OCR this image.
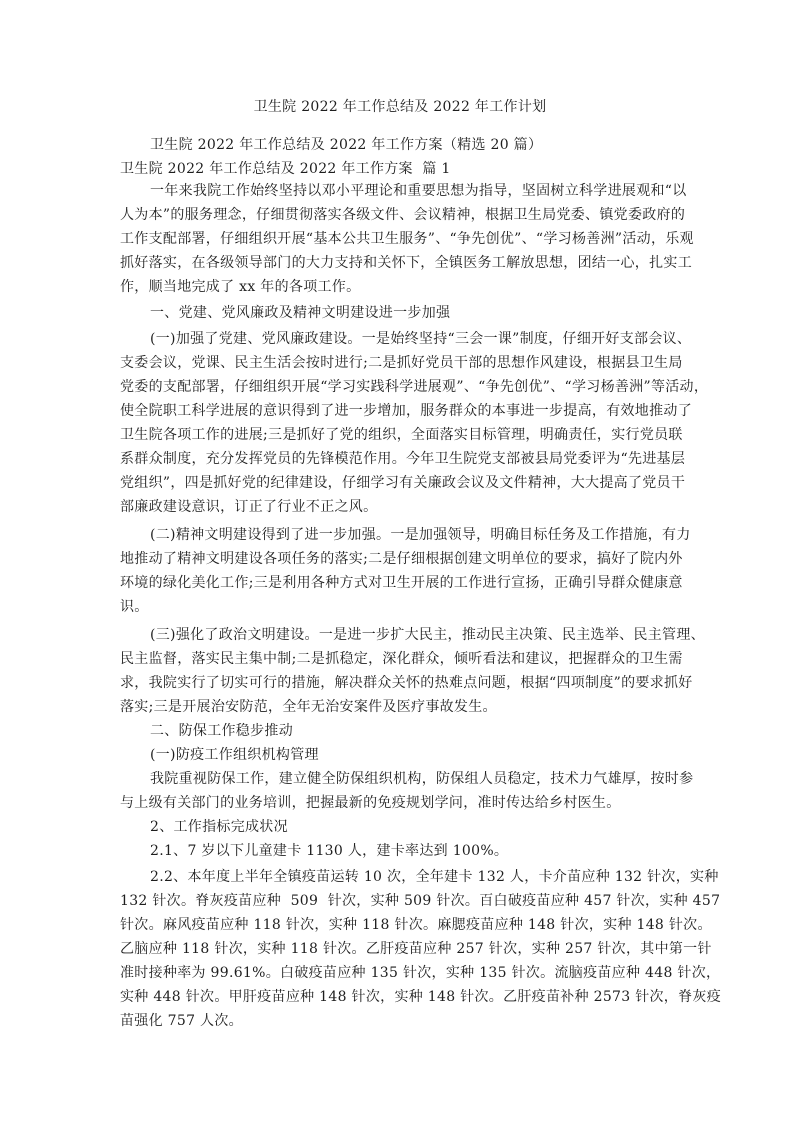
卫生院 2022 年工作总结及 2022 年工作计划
卫生院 2022 年工作总结及 2022 年工作方案（精选 20 篇）
卫生院 2022 年工作总结及 2022 年工作方案  篇 1
一年来我院工作始终坚持以邓小平理论和重要思想为指导，坚固树立科学进展观和“以
人为本”的服务理念，仔细贯彻落实各级文件、会议精神，根据卫生局党委、镇党委政府的
工作支配部署，仔细组织开展“基本公共卫生服务”、“争先创优”、“学习杨善洲”活动，乐观
抓好落实，在各级领导部门的大力支持和关怀下，全镇医务工解放思想，团结一心，扎实工
作，顺当地完成了 xx 年的各项工作。
一、党建、党风廉政及精神文明建设进一步加强
(一)加强了党建、党风廉政建设。一是始终坚持“三会一课”制度，仔细开好支部会议、
支委会议，党课、民主生活会按时进行;二是抓好党员干部的思想作风建设，根据县卫生局
党委的支配部署，仔细组织开展“学习实践科学进展观”、“争先创优”、“学习杨善洲”等活动，
使全院职工科学进展的意识得到了进一步增加，服务群众的本事进一步提高，有效地推动了
卫生院各项工作的进展;三是抓好了党的组织，全面落实目标管理，明确责任，实行党员联
系群众制度，充分发挥党员的先锋模范作用。今年卫生院党支部被县局党委评为“先进基层
党组织”，四是抓好党的纪律建设，仔细学习有关廉政会议及文件精神，大大提高了党员干
部廉政建设意识，订正了行业不正之风。
(二)精神文明建设得到了进一步加强。一是加强领导，明确目标任务及工作措施，有力
地推动了精神文明建设各项任务的落实;二是仔细根据创建文明单位的要求，搞好了院内外
环境的绿化美化工作;三是利用各种方式对卫生开展的工作进行宣扬，正确引导群众健康意
识。
(三)强化了政治文明建设。一是进一步扩大民主，推动民主决策、民主选举、民主管理、
民主监督，落实民主集中制;二是抓稳定，深化群众，倾听看法和建议，把握群众的卫生需
求，我院实行了切实可行的措施，解决群众关怀的热难点问题，根据“四项制度”的要求抓好
落实;三是开展治安防范，全年无治安案件及医疗事故发生。
二、防保工作稳步推动
(一)防疫工作组织机构管理
我院重视防保工作，建立健全防保组织机构，防保组人员稳定，技术力气雄厚，按时参
与上级有关部门的业务培训，把握最新的免疫规划学问，准时传达给乡村医生。
2、工作指标完成状况
2.1、7 岁以下儿童建卡 1130 人，建卡率达到 100%。
2.2、本年度上半年全镇疫苗运转 10 次，全年建卡 132 人，卡介苗应种 132 针次，实种
132 针次。脊灰疫苗应种  509  针次，实种 509 针次。百白破疫苗应种 457 针次，实种 457
针次。麻风疫苗应种 118 针次，实种 118 针次。麻腮疫苗应种 148 针次，实种 148 针次。
乙脑应种 118 针次，实种 118 针次。乙肝疫苗应种 257 针次，实种 257 针次，其中第一针
准时接种率为 99.61%。白破疫苗应种 135 针次，实种 135 针次。流脑疫苗应种 448 针次，
实种 448 针次。甲肝疫苗应种 148 针次，实种 148 针次。乙肝疫苗补种 2573 针次，脊灰疫
苗强化 757 人次。
